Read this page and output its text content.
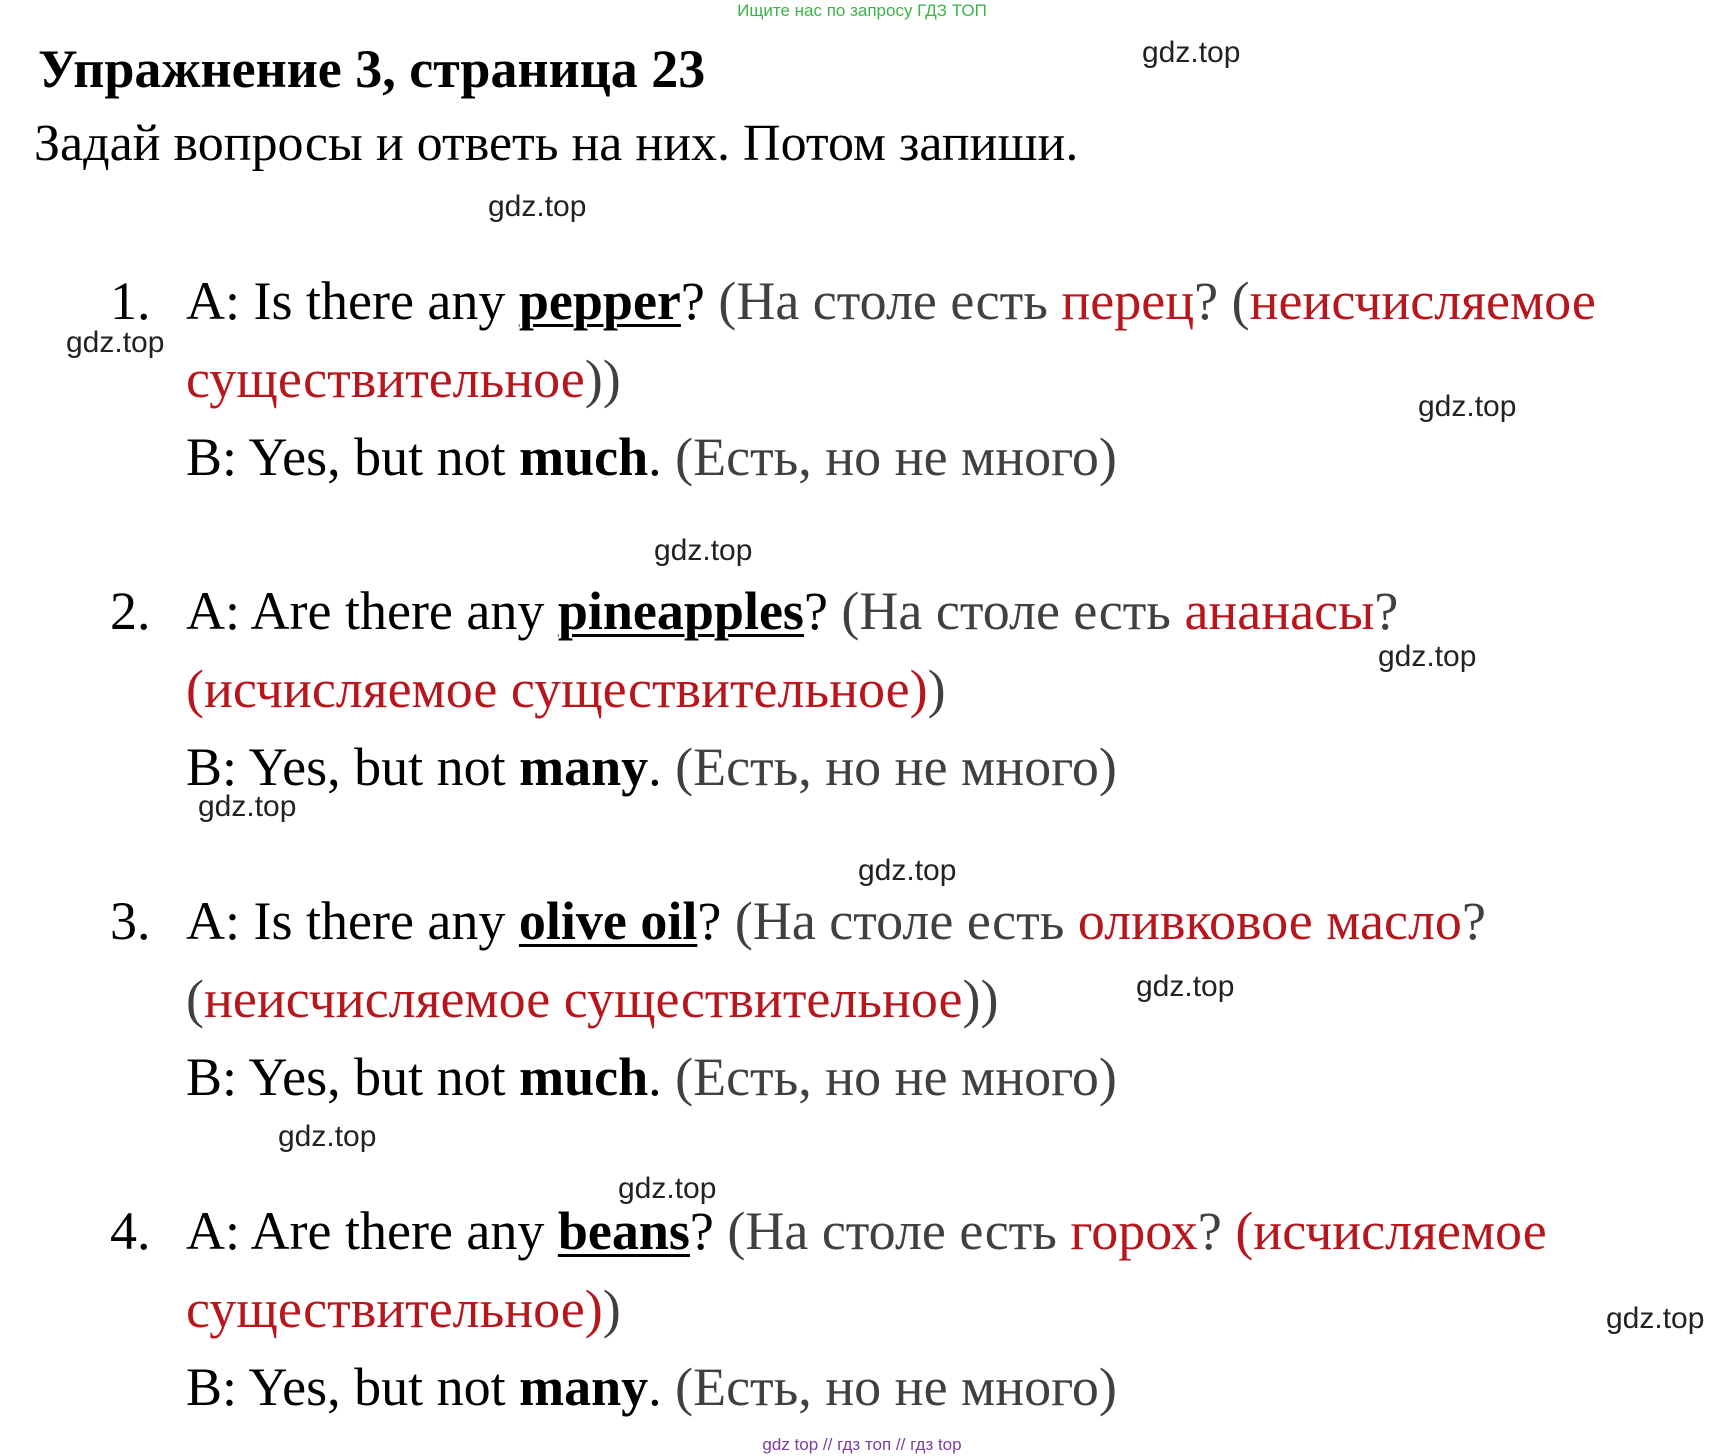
Ищите нас по запросу ГДЗ ТОП
Упражнение 3, страница 23
Задай вопросы и ответь на них. Потом запиши.
gdz.top
gdz.top
gdz.top
gdz.top
gdz.top
gdz.top
gdz.top
gdz.top
gdz.top
gdz.top
gdz.top
gdz.top
1. A: Is there any pepper? (На столе есть перец? (неисчисляемое
существительное))
B: Yes, but not much. (Есть, но не много)
2. A: Are there any pineapples? (На столе есть ананасы?
(исчисляемое существительное))
B: Yes, but not many. (Есть, но не много)
3. A: Is there any olive oil? (На столе есть оливковое масло?
(неисчисляемое существительное))
B: Yes, but not much. (Есть, но не много)
4. A: Are there any beans? (На столе есть горох? (исчисляемое
существительное))
B: Yes, but not many. (Есть, но не много)
gdz top // гдз топ // гдз top
